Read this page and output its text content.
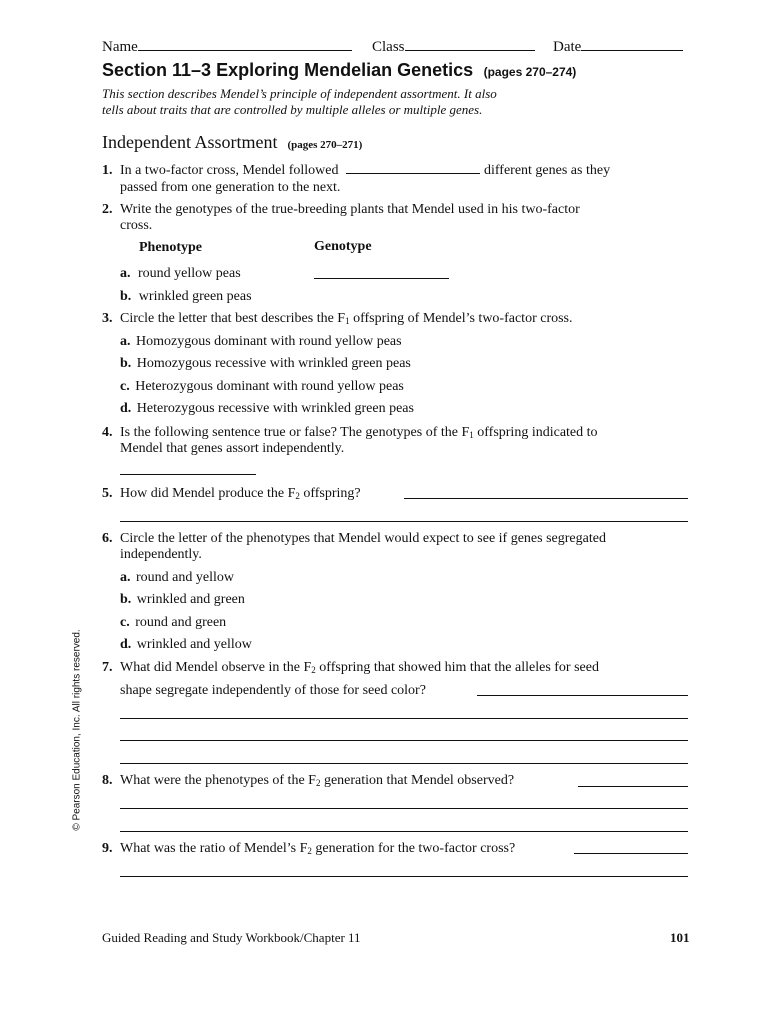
Name	Class	Date
Section 11–3 Exploring Mendelian Genetics (pages 270–274)
This section describes Mendel’s principle of independent assortment. It also
tells about traits that are controlled by multiple alleles or multiple genes.
Independent Assortment (pages 270–271)
1. In a two-factor cross, Mendel followed	different genes as they
passed from one generation to the next.
2. Write the genotypes of the true-breeding plants that Mendel used in his two-factor
cross.
Phenotype	Genotype
a. round yellow peas
b. wrinkled green peas
3. Circle the letter that best describes the $F_1$ offspring of Mendel’s two-factor cross.
a. Homozygous dominant with round yellow peas
b. Homozygous recessive with wrinkled green peas
c. Heterozygous dominant with round yellow peas
d. Heterozygous recessive with wrinkled green peas
4. Is the following sentence true or false? The genotypes of the $F_1$ offspring indicated to
Mendel that genes assort independently.
5. How did Mendel produce the $F_2$ offspring?
6. Circle the letter of the phenotypes that Mendel would expect to see if genes segregated
independently.
a. round and yellow
b. wrinkled and green
c. round and green
d. wrinkled and yellow
7. What did Mendel observe in the $F_2$ offspring that showed him that the alleles for seed
shape segregate independently of those for seed color?
8. What were the phenotypes of the $F_2$ generation that Mendel observed?
9. What was the ratio of Mendel’s $F_2$ generation for the two-factor cross?
© Pearson Education, Inc. All rights reserved.
Guided Reading and Study Workbook/Chapter 11	101
